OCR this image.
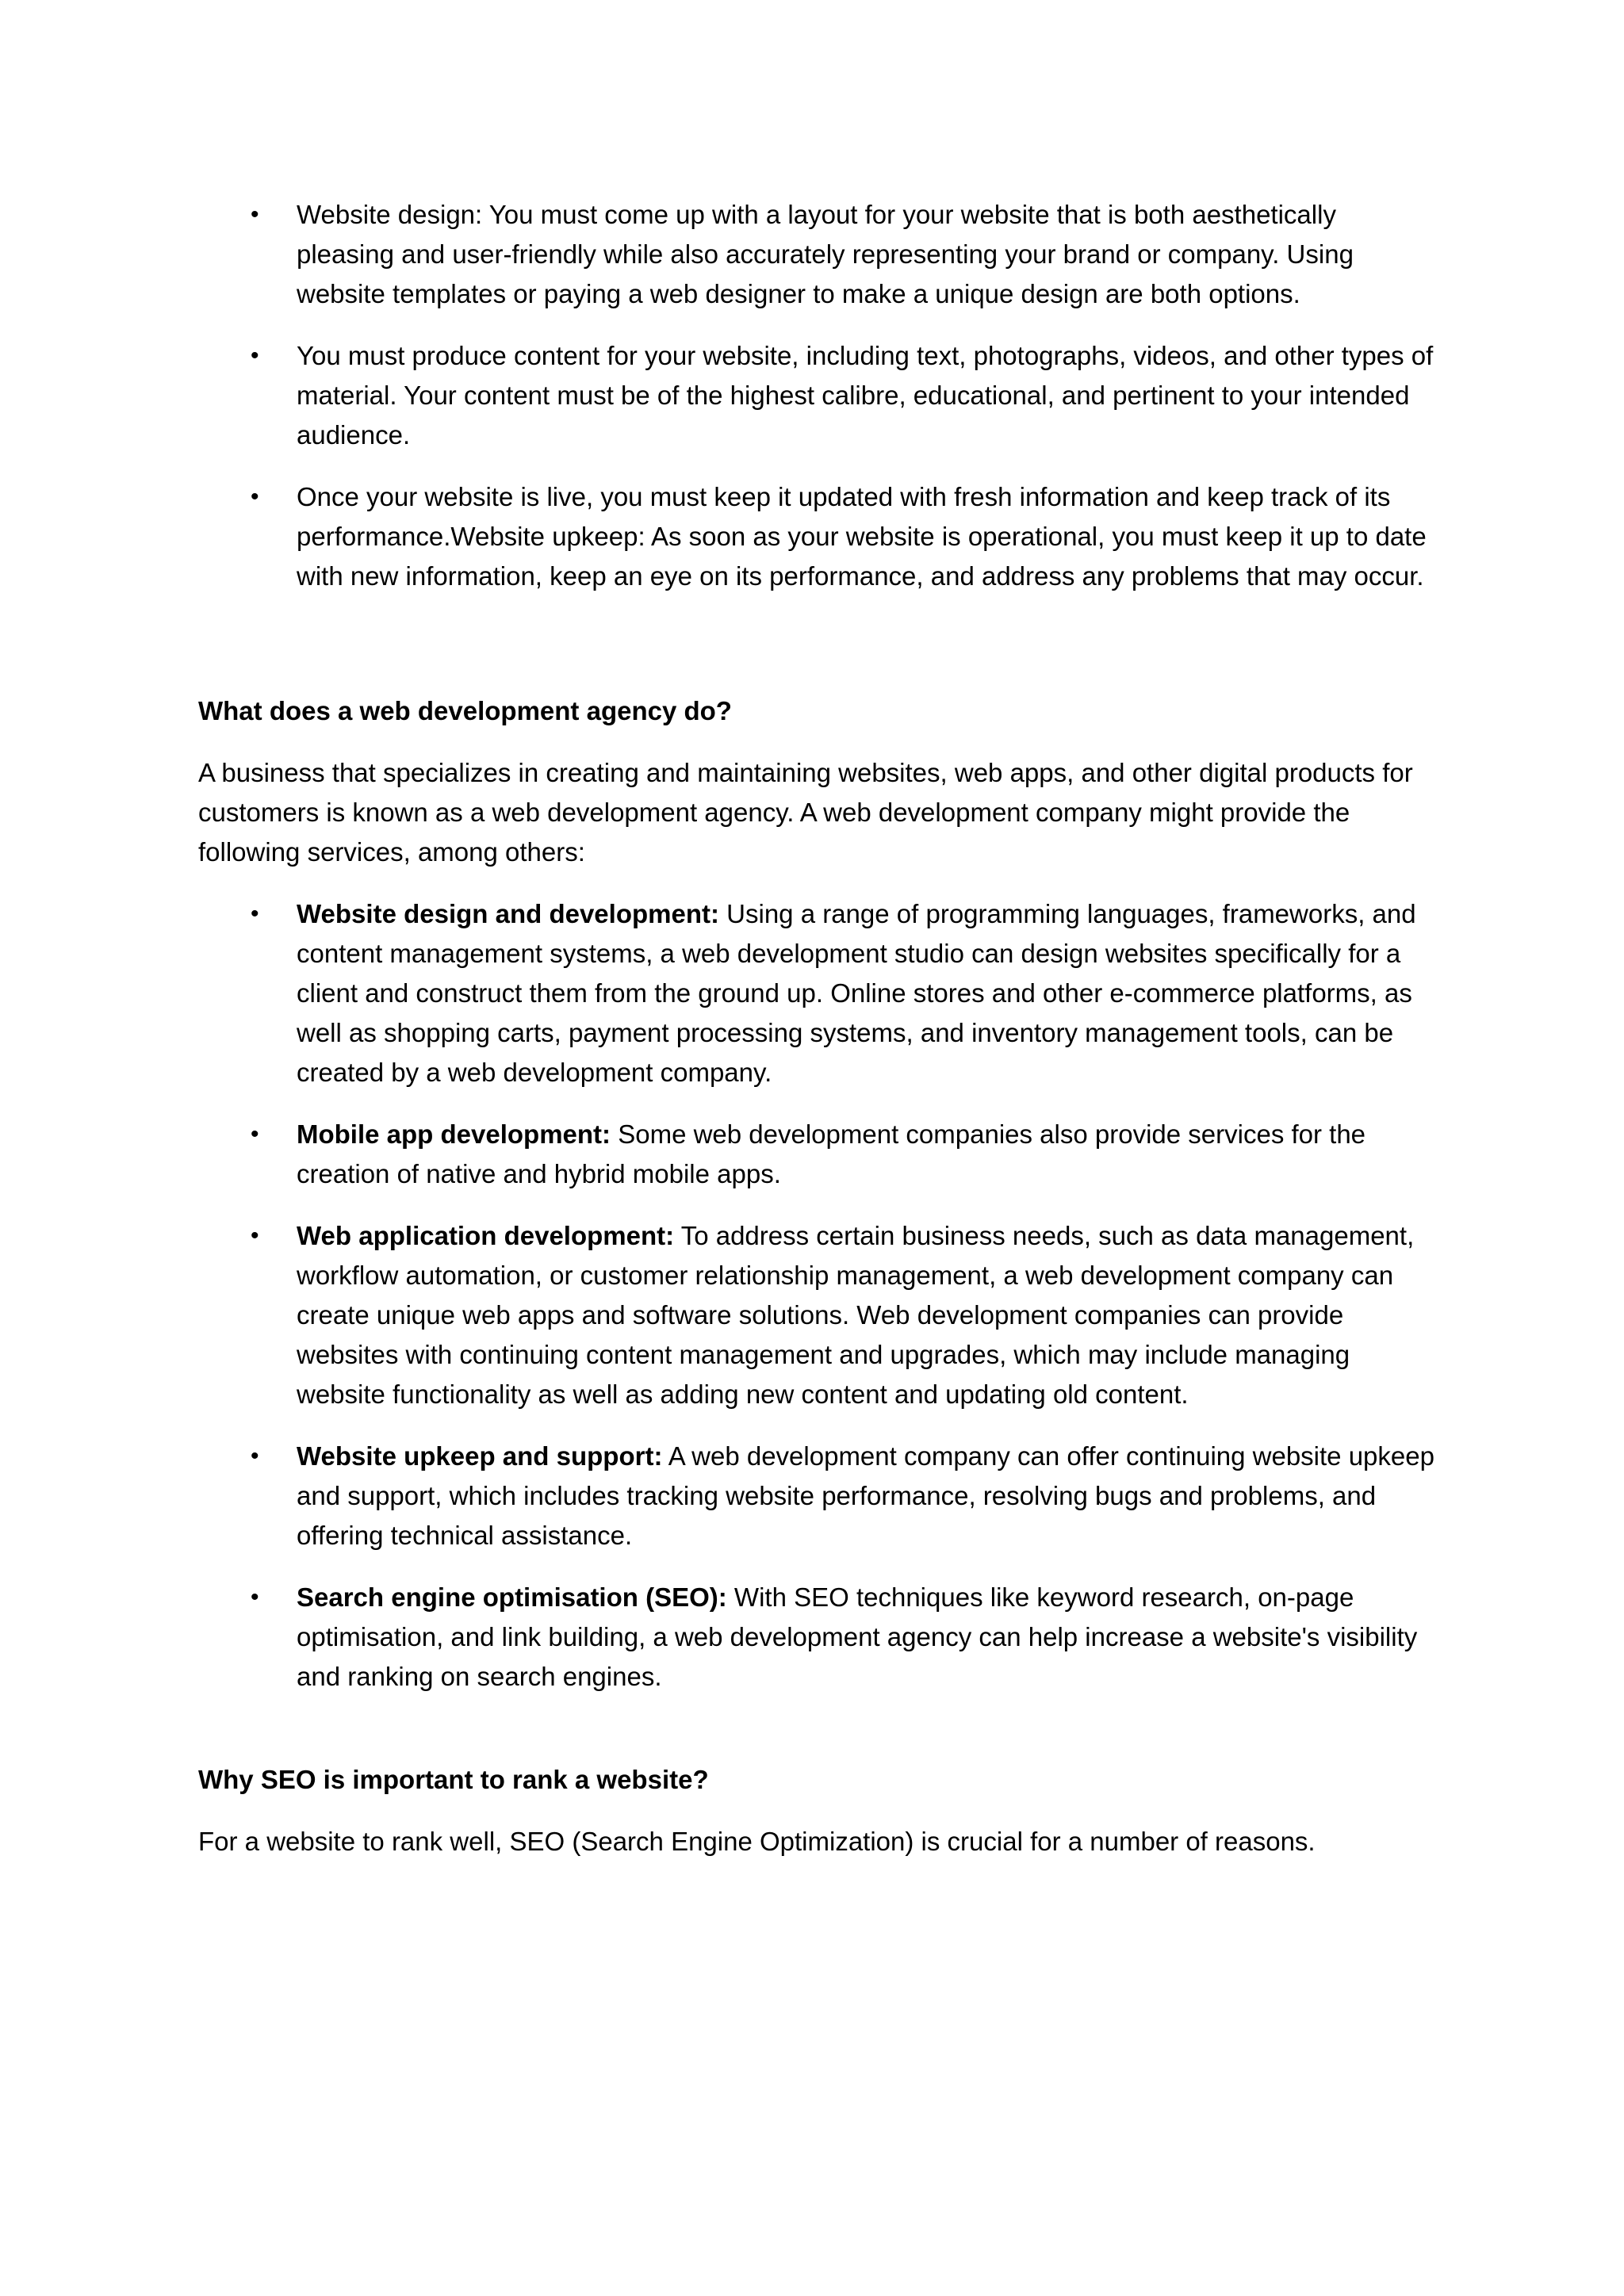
• Website design: You must come up with a layout for your website that is both aesthetically pleasing and user-friendly while also accurately representing your brand or company. Using website templates or paying a web designer to make a unique design are both options.
• You must produce content for your website, including text, photographs, videos, and other types of material. Your content must be of the highest calibre, educational, and pertinent to your intended audience.
• Once your website is live, you must keep it updated with fresh information and keep track of its performance.Website upkeep: As soon as your website is operational, you must keep it up to date with new information, keep an eye on its performance, and address any problems that may occur.

What does a web development agency do?

A business that specializes in creating and maintaining websites, web apps, and other digital products for customers is known as a web development agency. A web development company might provide the following services, among others:

• Website design and development: Using a range of programming languages, frameworks, and content management systems, a web development studio can design websites specifically for a client and construct them from the ground up. Online stores and other e-commerce platforms, as well as shopping carts, payment processing systems, and inventory management tools, can be created by a web development company.
• Mobile app development: Some web development companies also provide services for the creation of native and hybrid mobile apps.
• Web application development: To address certain business needs, such as data management, workflow automation, or customer relationship management, a web development company can create unique web apps and software solutions. Web development companies can provide websites with continuing content management and upgrades, which may include managing website functionality as well as adding new content and updating old content.
• Website upkeep and support: A web development company can offer continuing website upkeep and support, which includes tracking website performance, resolving bugs and problems, and offering technical assistance.
• Search engine optimisation (SEO): With SEO techniques like keyword research, on-page optimisation, and link building, a web development agency can help increase a website's visibility and ranking on search engines.

Why SEO is important to rank a website?

For a website to rank well, SEO (Search Engine Optimization) is crucial for a number of reasons.
